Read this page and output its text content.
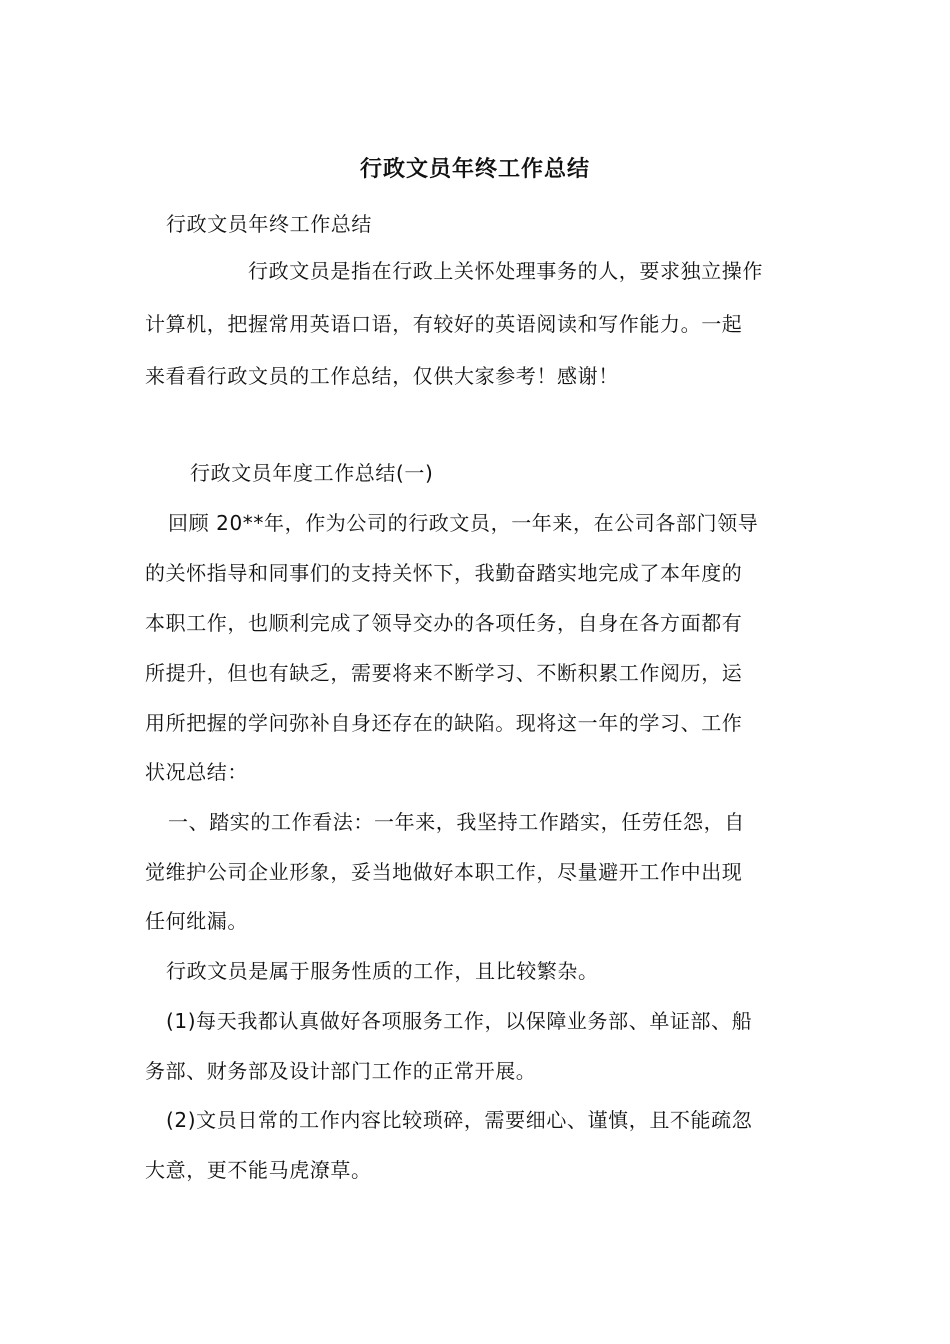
行政文员年终工作总结
行政文员年终工作总结
行政文员是指在行政上关怀处理事务的人，要求独立操作
计算机，把握常用英语口语，有较好的英语阅读和写作能力。一起
来看看行政文员的工作总结，仅供大家参考！感谢！
行政文员年度工作总结(一)
回顾 20**年，作为公司的行政文员，一年来，在公司各部门领导
的关怀指导和同事们的支持关怀下，我勤奋踏实地完成了本年度的
本职工作，也顺利完成了领导交办的各项任务，自身在各方面都有
所提升，但也有缺乏，需要将来不断学习、不断积累工作阅历，运
用所把握的学问弥补自身还存在的缺陷。现将这一年的学习、工作
状况总结：
一、踏实的工作看法：一年来，我坚持工作踏实，任劳任怨，自
觉维护公司企业形象，妥当地做好本职工作，尽量避开工作中出现
任何纰漏。
行政文员是属于服务性质的工作，且比较繁杂。
(1)每天我都认真做好各项服务工作，以保障业务部、单证部、船
务部、财务部及设计部门工作的正常开展。
(2)文员日常的工作内容比较琐碎，需要细心、谨慎，且不能疏忽
大意，更不能马虎潦草。
